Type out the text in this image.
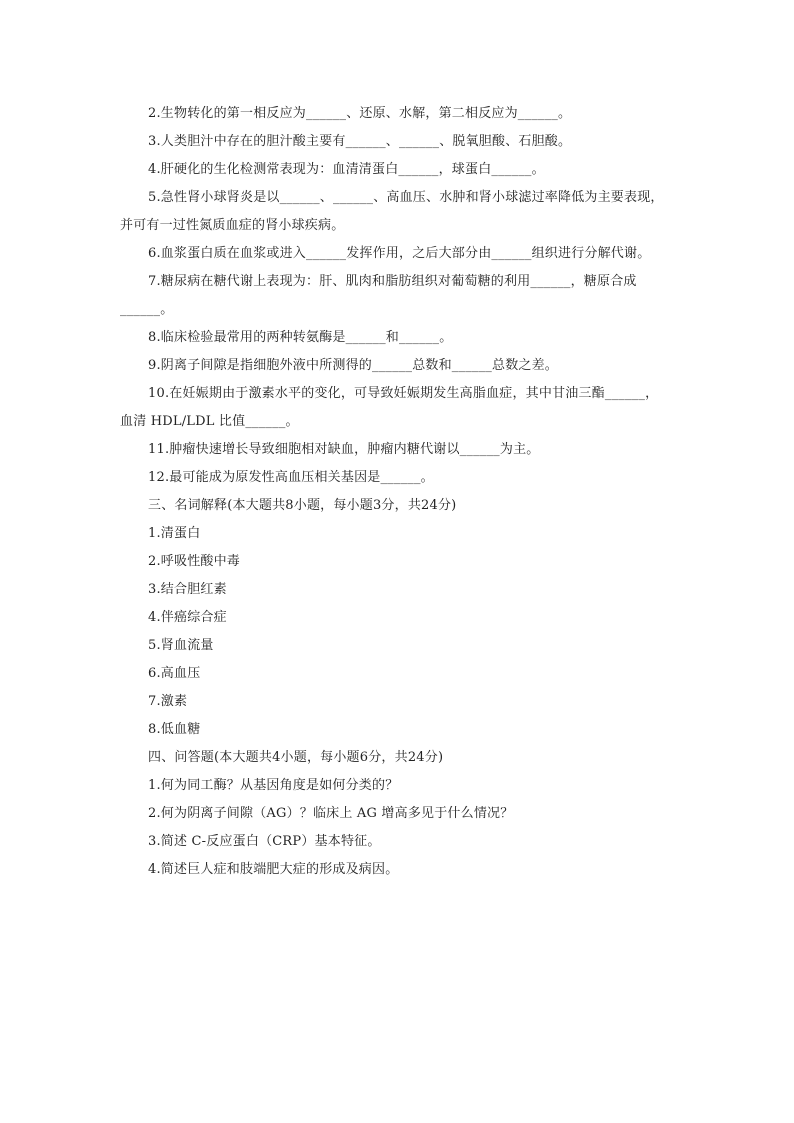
2.生物转化的第一相反应为______、还原、水解，第二相反应为______。
3.人类胆汁中存在的胆汁酸主要有______、______、脱氧胆酸、石胆酸。
4.肝硬化的生化检测常表现为：血清清蛋白______，球蛋白______。
5.急性肾小球肾炎是以______、______、高血压、水肿和肾小球滤过率降低为主要表现，
并可有一过性氮质血症的肾小球疾病。
6.血浆蛋白质在血浆或进入______发挥作用，之后大部分由______组织进行分解代谢。
7.糖尿病在糖代谢上表现为：肝、肌肉和脂肪组织对葡萄糖的利用______，糖原合成
______。
8.临床检验最常用的两种转氨酶是______和______。
9.阴离子间隙是指细胞外液中所测得的______总数和______总数之差。
10.在妊娠期由于激素水平的变化，可导致妊娠期发生高脂血症，其中甘油三酯______，
血清 HDL/LDL 比值______。
11.肿瘤快速增长导致细胞相对缺血，肿瘤内糖代谢以______为主。
12.最可能成为原发性高血压相关基因是______。
三、名词解释(本大题共8小题，每小题3分，共24分)
1.清蛋白
2.呼吸性酸中毒
3.结合胆红素
4.伴癌综合症
5.肾血流量
6.高血压
7.激素
8.低血糖
四、问答题(本大题共4小题，每小题6分，共24分)
1.何为同工酶？从基因角度是如何分类的？
2.何为阴离子间隙（AG）？临床上 AG 增高多见于什么情况？
3.简述 C-反应蛋白（CRP）基本特征。
4.简述巨人症和肢端肥大症的形成及病因。
